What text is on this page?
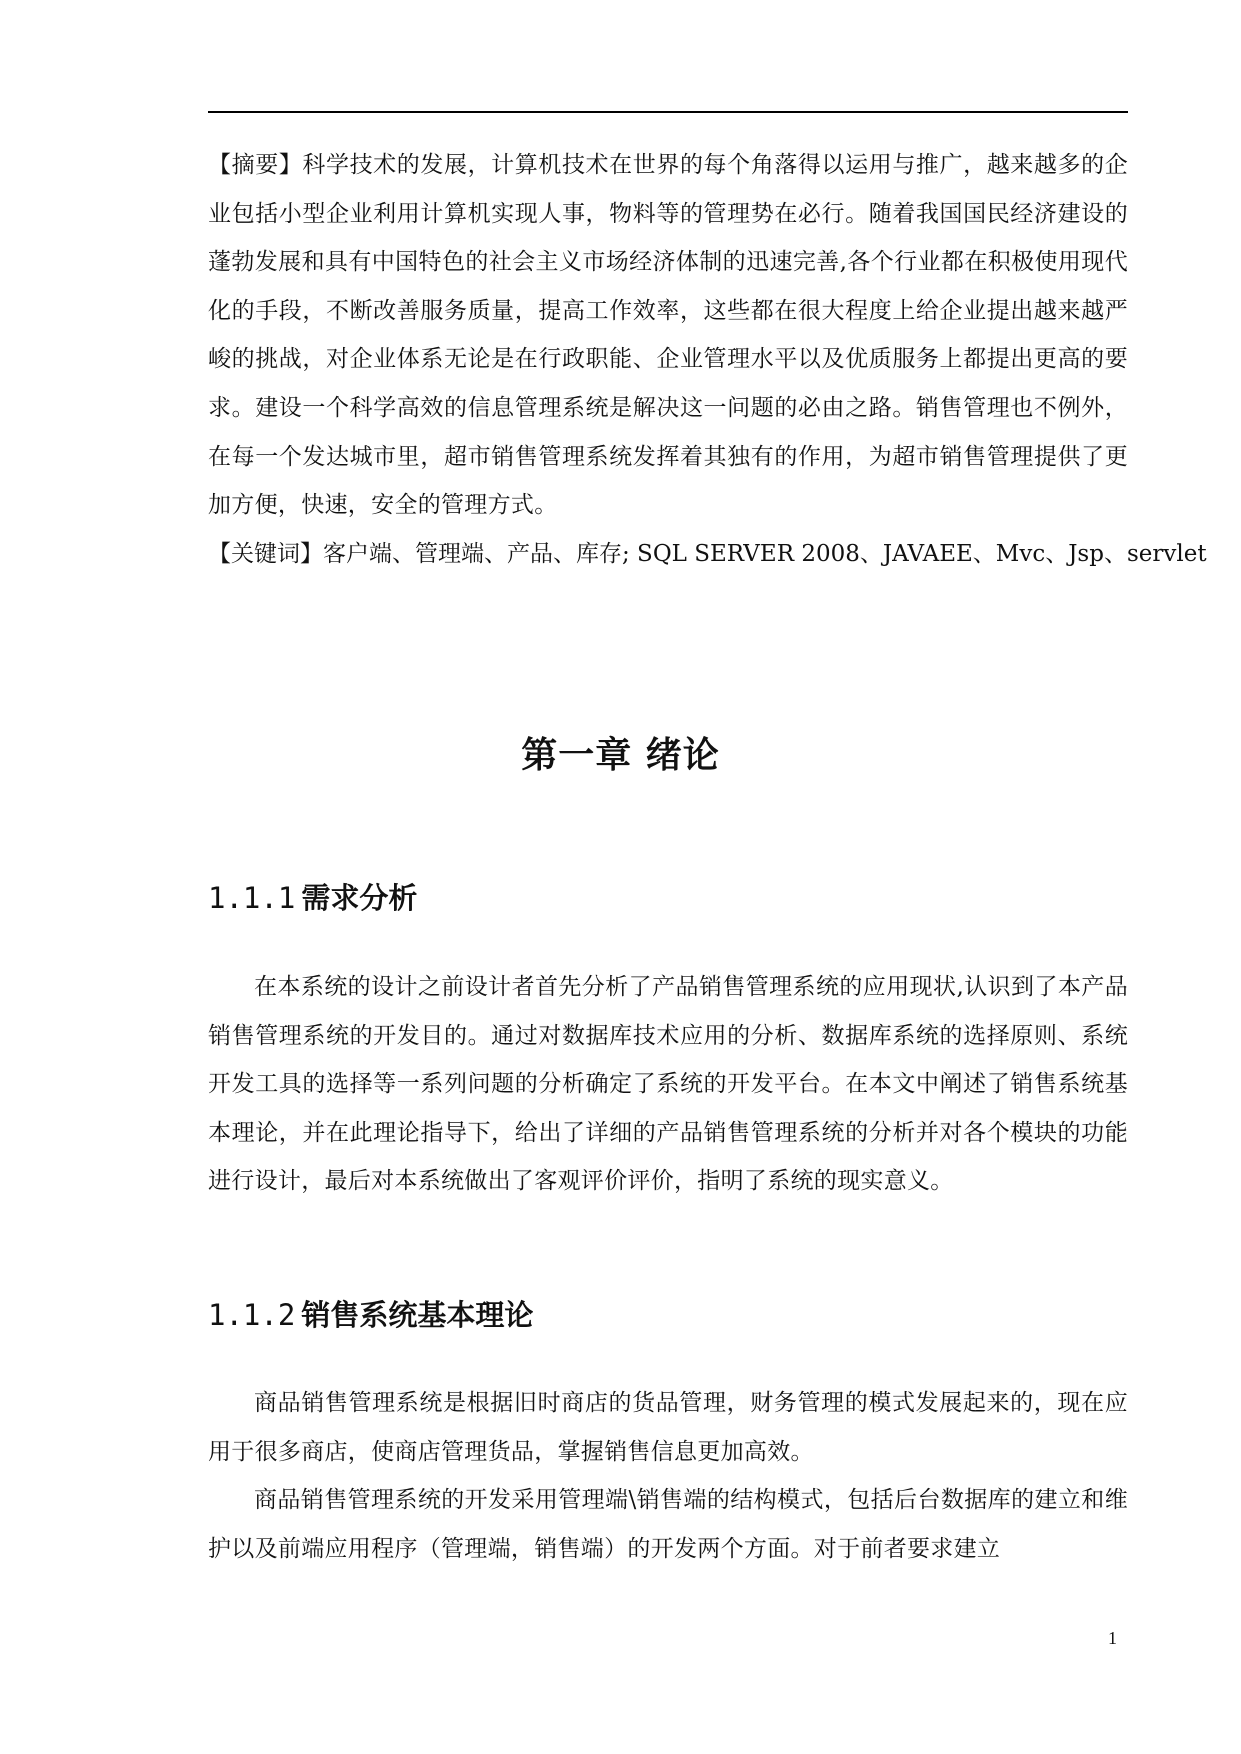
【摘要】科学技术的发展，计算机技术在世界的每个角落得以运用与推广，越来越多的企业包括小型企业利用计算机实现人事，物料等的管理势在必行。随着我国国民经济建设的蓬勃发展和具有中国特色的社会主义市场经济体制的迅速完善,各个行业都在积极使用现代化的手段，不断改善服务质量，提高工作效率，这些都在很大程度上给企业提出越来越严峻的挑战，对企业体系无论是在行政职能、企业管理水平以及优质服务上都提出更高的要求。建设一个科学高效的信息管理系统是解决这一问题的必由之路。销售管理也不例外，在每一个发达城市里，超市销售管理系统发挥着其独有的作用，为超市销售管理提供了更加方便，快速，安全的管理方式。

【关键词】客户端、管理端、产品、库存; SQL SERVER 2008、JAVAEE、Mvc、Jsp、servlet
第一章 绪论
1.1.1 需求分析

在本系统的设计之前设计者首先分析了产品销售管理系统的应用现状,认识到了本产品销售管理系统的开发目的。通过对数据库技术应用的分析、数据库系统的选择原则、系统开发工具的选择等一系列问题的分析确定了系统的开发平台。在本文中阐述了销售系统基本理论，并在此理论指导下，给出了详细的产品销售管理系统的分析并对各个模块的功能进行设计，最后对本系统做出了客观评价评价，指明了系统的现实意义。

1.1.2 销售系统基本理论

商品销售管理系统是根据旧时商店的货品管理，财务管理的模式发展起来的，现在应用于很多商店，使商店管理货品，掌握销售信息更加高效。

商品销售管理系统的开发采用管理端\销售端的结构模式，包括后台数据库的建立和维护以及前端应用程序（管理端，销售端）的开发两个方面。对于前者要求建立

1
